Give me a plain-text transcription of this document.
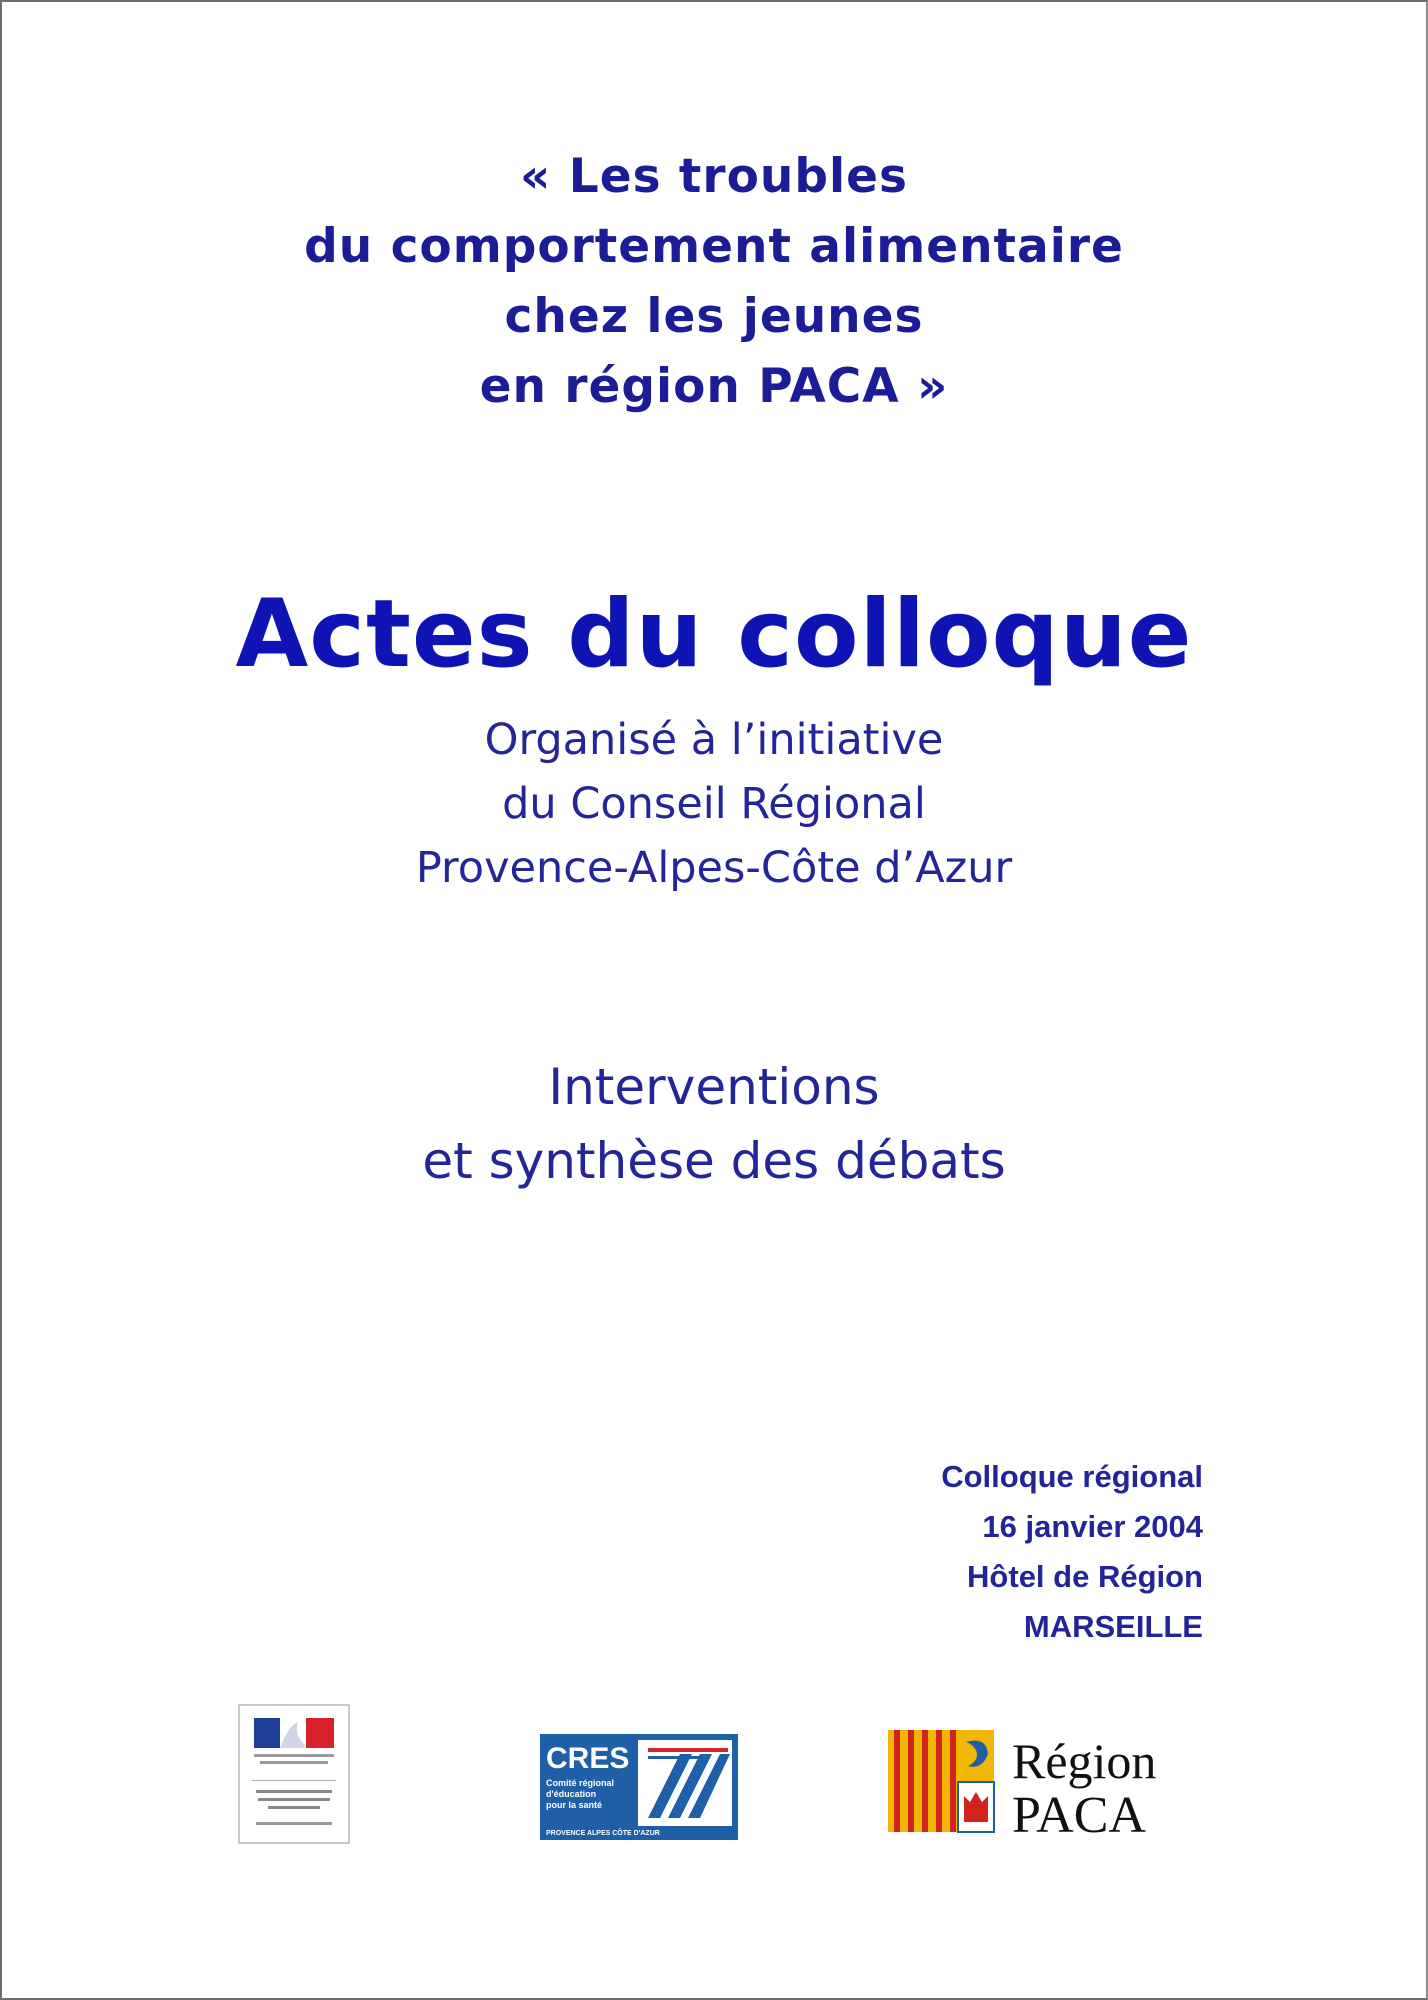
« Les troubles
du comportement alimentaire
chez les jeunes
en région PACA »
Actes du colloque
Organisé à l’initiative
du Conseil Régional
Provence-Alpes-Côte d’Azur
Interventions
et synthèse des débats
Colloque régional
16 janvier 2004
Hôtel de Région
MARSEILLE
CRES
Comité régional
d'éducation
pour la santé
PROVENCE ALPES CÔTE D'AZUR
Région
PACA
